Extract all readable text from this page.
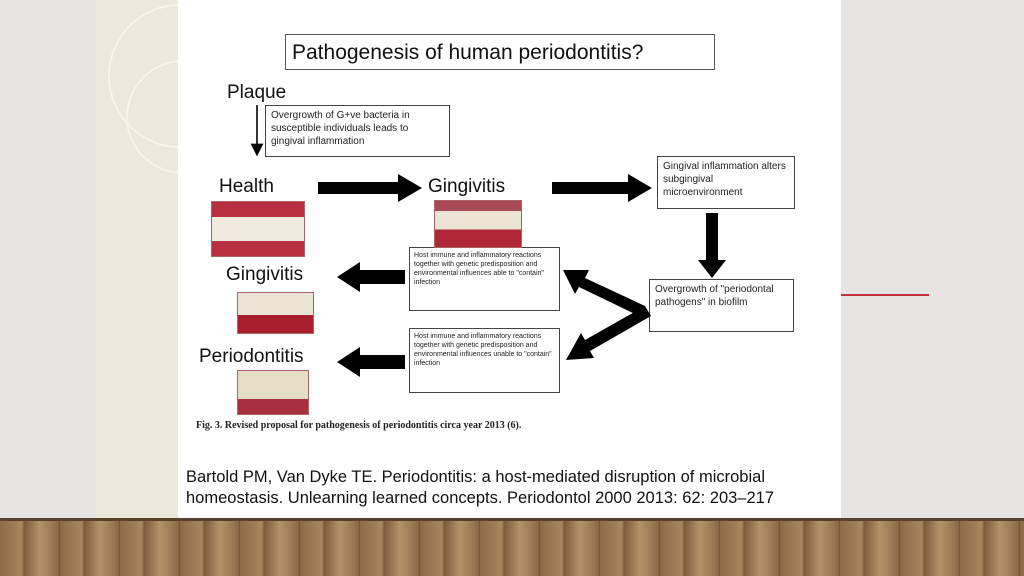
Pathogenesis of human periodontitis?
Plaque
Health	Gingivitis
Gingivitis
Periodontitis
Overgrowth of G+ve bacteria in susceptible individuals leads to gingival inflammation
Gingival inflammation alters subgingival microenvironment
Overgrowth of "periodontal pathogens" in biofilm
Host immune and inflammatory reactions together with genetic predisposition and environmental influences able to "contain" infection
Host immune and inflammatory reactions together with genetic predisposition and environmental influences unable to "contain" infection
Fig. 3. Revised proposal for pathogenesis of periodontitis circa year 2013 (6).
Bartold PM, Van Dyke TE. Periodontitis: a host-mediated disruption of microbial homeostasis. Unlearning learned concepts. Periodontol 2000 2013: 62: 203–217
